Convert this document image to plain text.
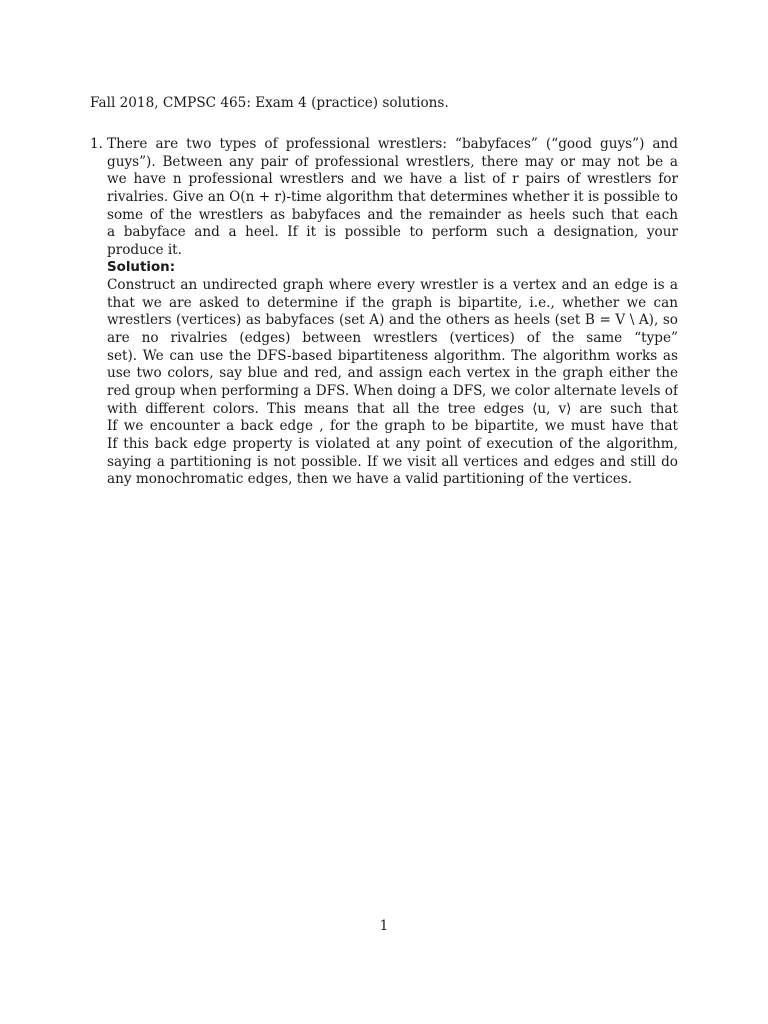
Fall 2018, CMPSC 465: Exam 4 (practice) solutions.
1. There are two types of professional wrestlers: “babyfaces” (“good guys”) and
guys”). Between any pair of professional wrestlers, there may or may not be a
we have n professional wrestlers and we have a list of r pairs of wrestlers for
rivalries. Give an O(n + r)-time algorithm that determines whether it is possible to
some of the wrestlers as babyfaces and the remainder as heels such that each
a babyface and a heel. If it is possible to perform such a designation, your
produce it.
Solution:
Construct an undirected graph where every wrestler is a vertex and an edge is a
that we are asked to determine if the graph is bipartite, i.e., whether we can
wrestlers (vertices) as babyfaces (set A) and the others as heels (set B = V \ A), so
are no rivalries (edges) between wrestlers (vertices) of the same “type”
set). We can use the DFS-based bipartiteness algorithm. The algorithm works as
use two colors, say blue and red, and assign each vertex in the graph either the
red group when performing a DFS. When doing a DFS, we color alternate levels of
with different colors. This means that all the tree edges ⟨u, v⟩ are such that
If we encounter a back edge , for the graph to be bipartite, we must have that
If this back edge property is violated at any point of execution of the algorithm,
saying a partitioning is not possible. If we visit all vertices and edges and still do
any monochromatic edges, then we have a valid partitioning of the vertices.
1
